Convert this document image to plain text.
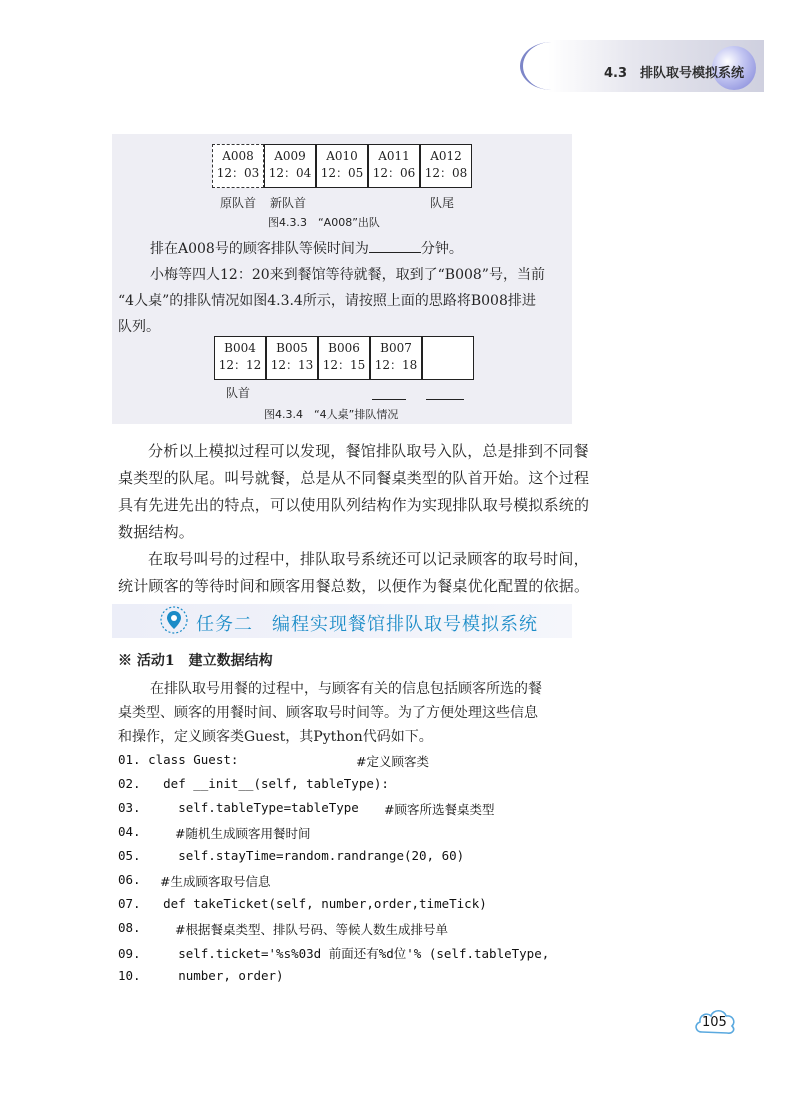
4.3　排队取号模拟系统
A008
12：03
A009
12：04
A010
12：05
A011
12：06
A012
12：08
原队首 新队首	队尾
图4.3.3　“A008”出队
排在A008号的顾客排队等候时间为	分钟。
小梅等四人12：20来到餐馆等待就餐，取到了“B008”号，当前
“4人桌”的排队情况如图4.3.4所示，请按照上面的思路将B008排进
队列。
B004
12：12
B005
12：13
B006
12：15
B007
12：18
队首
图4.3.4　“4人桌”排队情况
分析以上模拟过程可以发现，餐馆排队取号入队，总是排到不同餐
桌类型的队尾。叫号就餐，总是从不同餐桌类型的队首开始。这个过程
具有先进先出的特点，可以使用队列结构作为实现排队取号模拟系统的
数据结构。
在取号叫号的过程中，排队取号系统还可以记录顾客的取号时间，
统计顾客的等待时间和顾客用餐总数，以便作为餐桌优化配置的依据。
任务二　编程实现餐馆排队取号模拟系统
※ 活动1　建立数据结构
在排队取号用餐的过程中，与顾客有关的信息包括顾客所选的餐
桌类型、顾客的用餐时间、顾客取号时间等。为了方便处理这些信息
和操作，定义顾客类Guest，其Python代码如下。
01. class Guest:	#定义顾客类
02.   def __init__(self, tableType):
03.     self.tableType=tableType #顾客所选餐桌类型
04.	#随机生成顾客用餐时间
05.     self.stayTime=random.randrange(20, 60)
06.	#生成顾客取号信息
07.   def takeTicket(self, number,order,timeTick)
08.	#根据餐桌类型、排队号码、等候人数生成排号单
09.     self.ticket='%s%03d 前面还有%d位'% (self.tableType,
10.     number, order)
105
